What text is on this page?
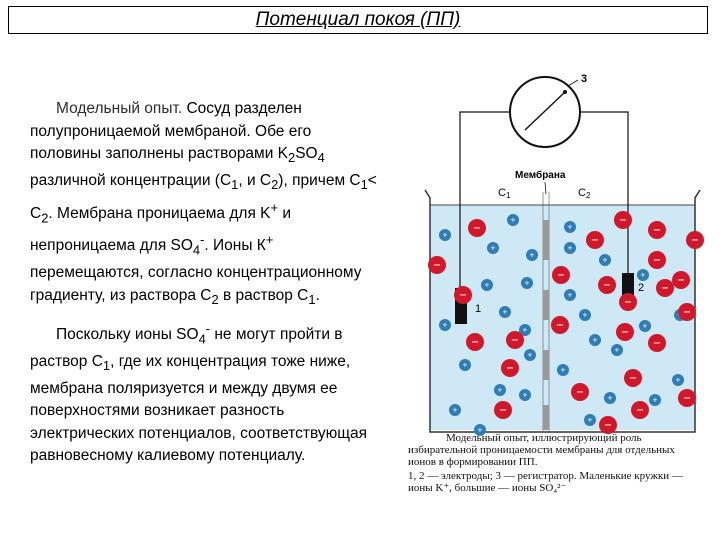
Потенциал покоя (ПП)
Модельный опыт. Сосуд разделен полупроницаемой мембраной. Обе его половины заполнены растворами $K_2SO_4$ различной концентрации ($C_1$, и $C_2$), причем $C_1< C_2$. Мембрана проницаема для K+ и непроницаема для $SO_4^-$. Ионы К+ перемещаются, согласно концентрационному градиенту, из раствора $C_2$ в раствор $C_1$.
Поскольку ионы $SO_4^-$ не могут пройти в раствор $C_1$, где их концентрация тоже ниже, мембрана поляризуется и между двумя ее поверхностями возникает разность электрических потенциалов, соответствующая равновесному калиевому потенциалу.
3
Мембрана
C 1	C 2
1
2
+
+
+
+
+	+
+
+
+
+
+
+
+
+ +
+
+
+
+
+
+
+
+
+	+
+
+
+
+
−
−
−
−
−
−
−
−
−
−
−
−
−
−
−
−
−
−
−
−
−
−
−
−
−
−
Модельный опыт, иллюстрирующий роль избирательной проницаемости мембраны для отдельных ионов в формировании ПП.
1, 2 — электроды; 3 — регистратор. Маленькие кружки — ионы K⁺, большие — ионы SO₄²⁻
